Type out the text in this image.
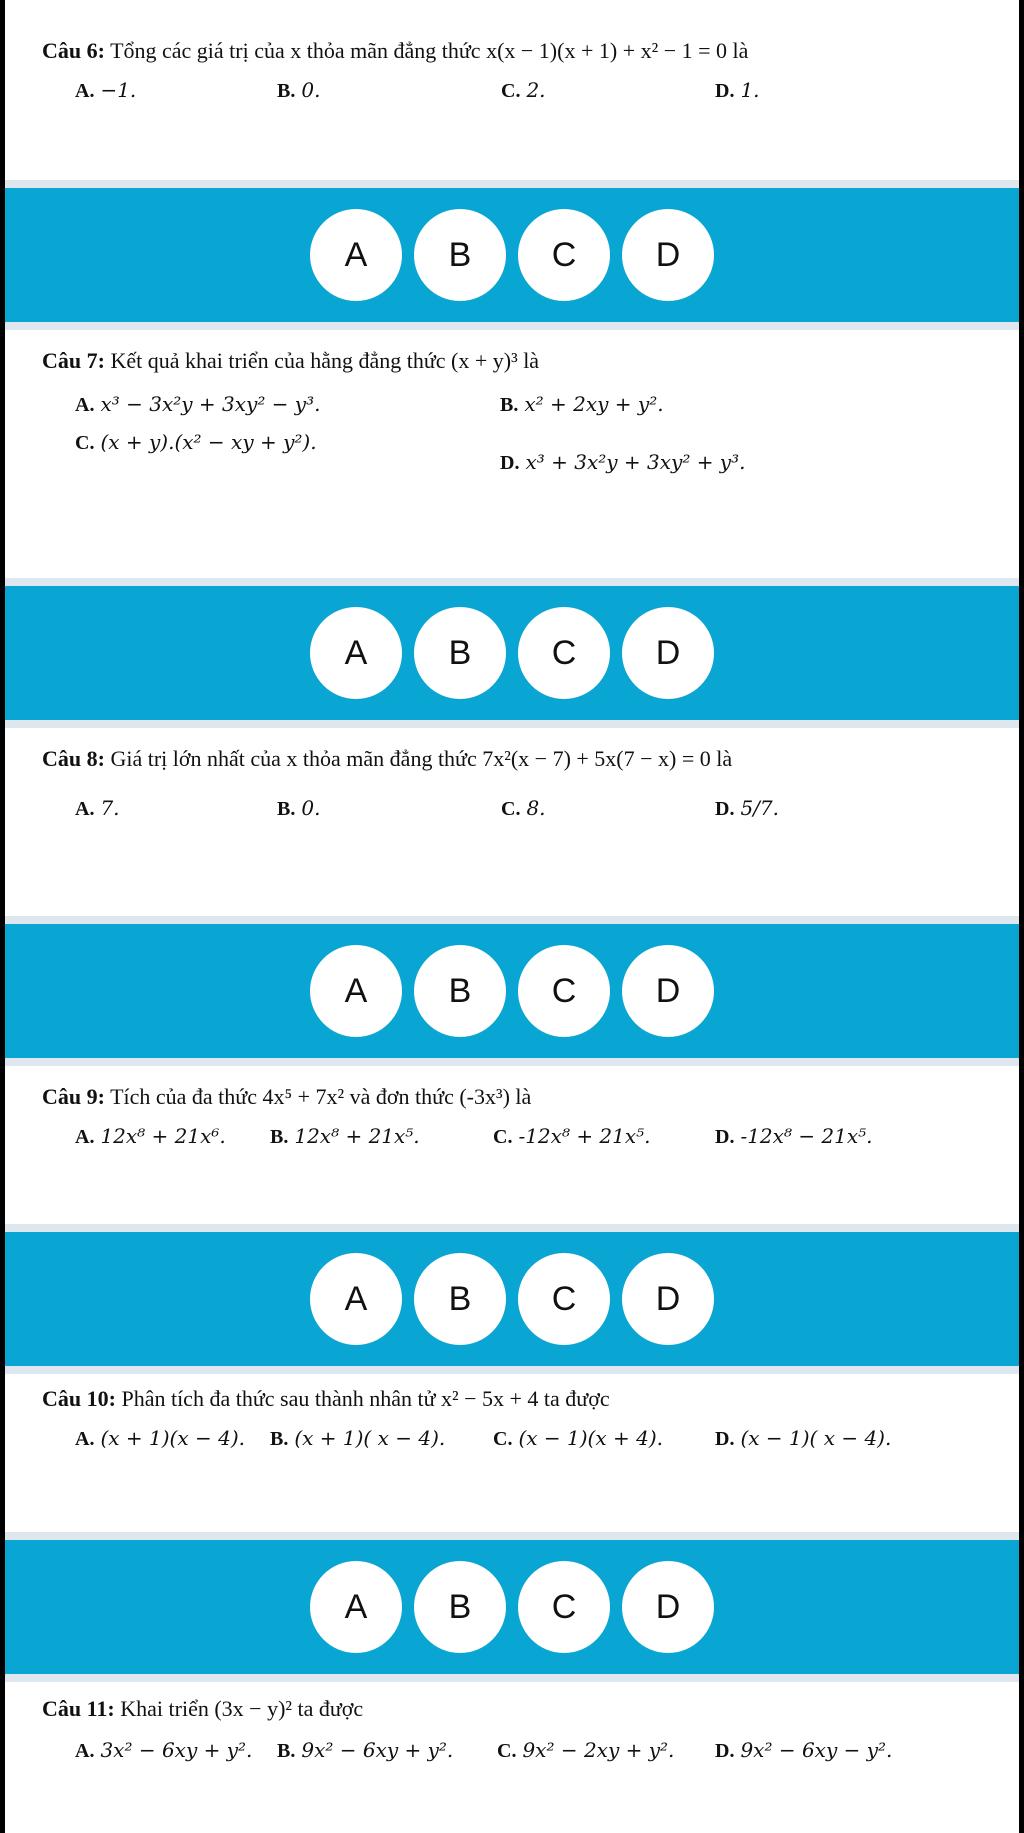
Câu 6: Tổng các giá trị của x thỏa mãn đẳng thức x(x − 1)(x + 1) + x² − 1 = 0 là
A. −1.	B. 0.	C. 2.	D. 1.
A	B	C	D
Câu 7: Kết quả khai triển của hằng đẳng thức (x + y)³ là
A. x³ − 3x²y + 3xy² − y³.	B. x² + 2xy + y².
C. (x + y).(x² − xy + y²).
D. x³ + 3x²y + 3xy² + y³.
A	B	C	D
Câu 8: Giá trị lớn nhất của x thỏa mãn đẳng thức 7x²(x − 7) + 5x(7 − x) = 0 là
A. 7.	B. 0.	C. 8.	D. 5/7.
A	B	C	D
Câu 9: Tích của đa thức 4x⁵ + 7x² và đơn thức (-3x³) là
A. 12x⁸ + 21x⁶. B. 12x⁸ + 21x⁵.	C. -12x⁸ + 21x⁵.	D. -12x⁸ − 21x⁵.
A	B	C	D
Câu 10: Phân tích đa thức sau thành nhân tử x² − 5x + 4 ta được
A. (x + 1)(x − 4). B. (x + 1)( x − 4). C. (x − 1)(x + 4).	D. (x − 1)( x − 4).
A	B	C	D
Câu 11: Khai triển (3x − y)² ta được
A. 3x² − 6xy + y². B. 9x² − 6xy + y². C. 9x² − 2xy + y². D. 9x² − 6xy − y².
